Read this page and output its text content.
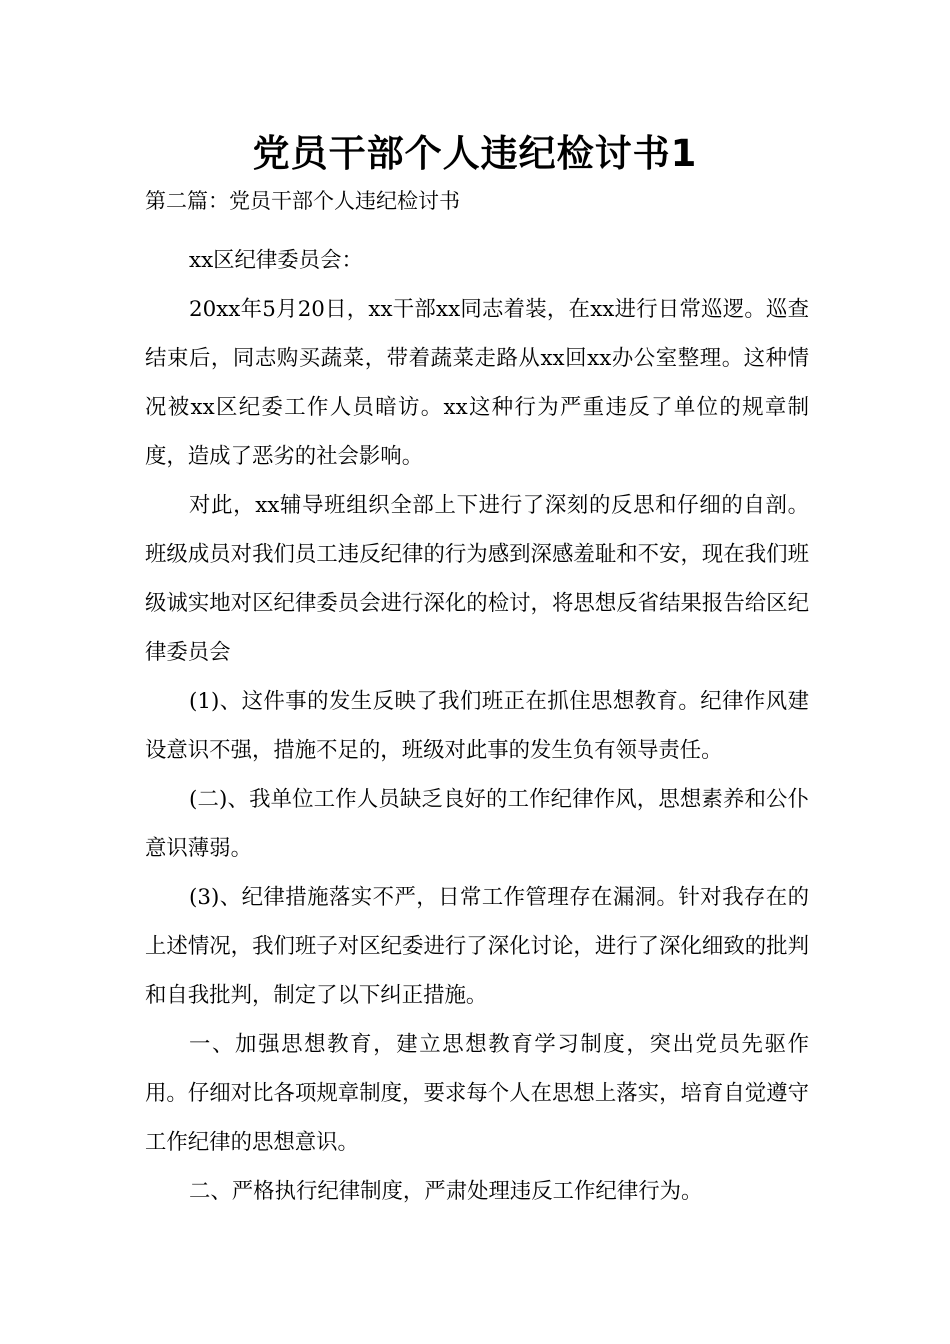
党员干部个人违纪检讨书1
第二篇：党员干部个人违纪检讨书

xx区纪律委员会：

20xx年5月20日，xx干部xx同志着装，在xx进行日常巡逻。巡查结束后，同志购买蔬菜，带着蔬菜走路从xx回xx办公室整理。这种情况被xx区纪委工作人员暗访。xx这种行为严重违反了单位的规章制度，造成了恶劣的社会影响。

对此，xx辅导班组织全部上下进行了深刻的反思和仔细的自剖。班级成员对我们员工违反纪律的行为感到深感羞耻和不安，现在我们班级诚实地对区纪律委员会进行深化的检讨，将思想反省结果报告给区纪律委员会

(1)、这件事的发生反映了我们班正在抓住思想教育。纪律作风建设意识不强，措施不足的，班级对此事的发生负有领导责任。

(二)、我单位工作人员缺乏良好的工作纪律作风，思想素养和公仆意识薄弱。

(3)、纪律措施落实不严，日常工作管理存在漏洞。针对我存在的上述情况，我们班子对区纪委进行了深化讨论，进行了深化细致的批判和自我批判，制定了以下纠正措施。

一、加强思想教育，建立思想教育学习制度，突出党员先驱作用。仔细对比各项规章制度，要求每个人在思想上落实，培育自觉遵守工作纪律的思想意识。

二、严格执行纪律制度，严肃处理违反工作纪律行为。
